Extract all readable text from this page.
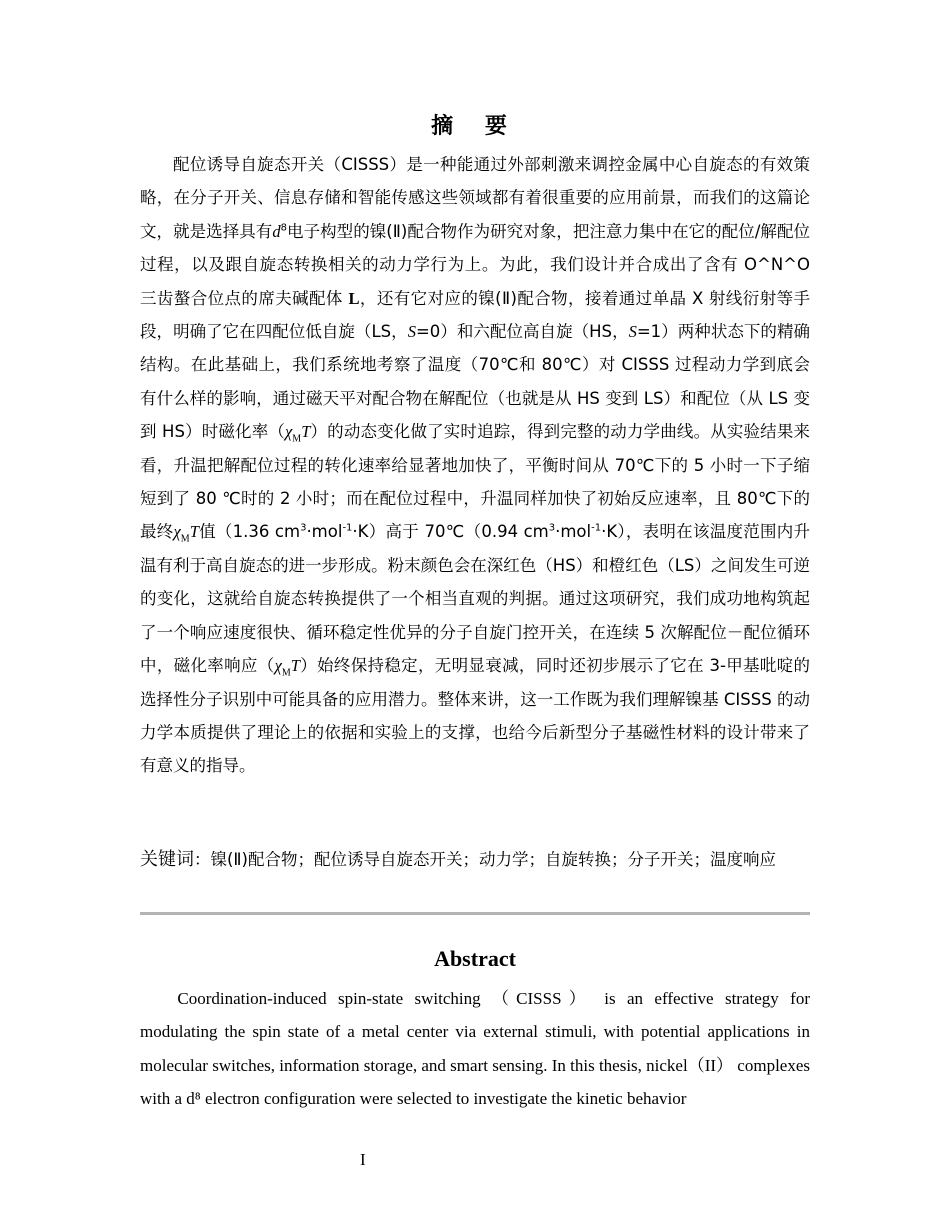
摘 要
配位诱导自旋态开关（CISSS）是一种能通过外部刺激来调控金属中心自旋态的有效策略，在分子开关、信息存储和智能传感这些领域都有着很重要的应用前景，而我们的这篇论文，就是选择具有$d^8$电子构型的镍(Ⅱ)配合物作为研究对象，把注意力集中在它的配位/解配位过程，以及跟自旋态转换相关的动力学行为上。为此，我们设计并合成出了含有 O^N^O 三齿螯合位点的席夫碱配体 L，还有它对应的镍(Ⅱ)配合物，接着通过单晶 X 射线衍射等手段，明确了它在四配位低自旋（LS，S=0）和六配位高自旋（HS，S=1）两种状态下的精确结构。在此基础上，我们系统地考察了温度（70℃和 80℃）对 CISSS 过程动力学到底会有什么样的影响，通过磁天平对配合物在解配位（也就是从 HS 变到 LS）和配位（从 LS 变到 HS）时磁化率$(\chi_MT)$的动态变化做了实时追踪，得到完整的动力学曲线。从实验结果来看，升温把解配位过程的转化速率给显著地加快了，平衡时间从 70℃下的 5 小时一下子缩短到了 80 ℃时的 2 小时；而在配位过程中，升温同样加快了初始反应速率，且 80℃下的最终$\chi_MT$值（1.36 $cm^3\cdot mol^{-1}\cdot K$）高于 70℃（0.94 $cm^3\cdot mol^{-1}\cdot K$），表明在该温度范围内升温有利于高自旋态的进一步形成。粉末颜色会在深红色（HS）和橙红色（LS）之间发生可逆的变化，这就给自旋态转换提供了一个相当直观的判据。通过这项研究，我们成功地构筑起了一个响应速度很快、循环稳定性优异的分子自旋门控开关，在连续 5 次解配位－配位循环中，磁化率响应$(\chi_MT)$始终保持稳定，无明显衰减，同时还初步展示了它在 3-甲基吡啶的选择性分子识别中可能具备的应用潜力。整体来讲，这一工作既为我们理解镍基 CISSS 的动力学本质提供了理论上的依据和实验上的支撑，也给今后新型分子基磁性材料的设计带来了有意义的指导。
关键词：镍(Ⅱ)配合物；配位诱导自旋态开关；动力学；自旋转换；分子开关；温度响应
Abstract
Coordination-induced spin-state switching （CISSS） is an effective strategy for modulating the spin state of a metal center via external stimuli, with potential applications in molecular switches, information storage, and smart sensing. In this thesis, nickel（II） complexes with a d⁸ electron configuration were selected to investigate the kinetic behavior
I
